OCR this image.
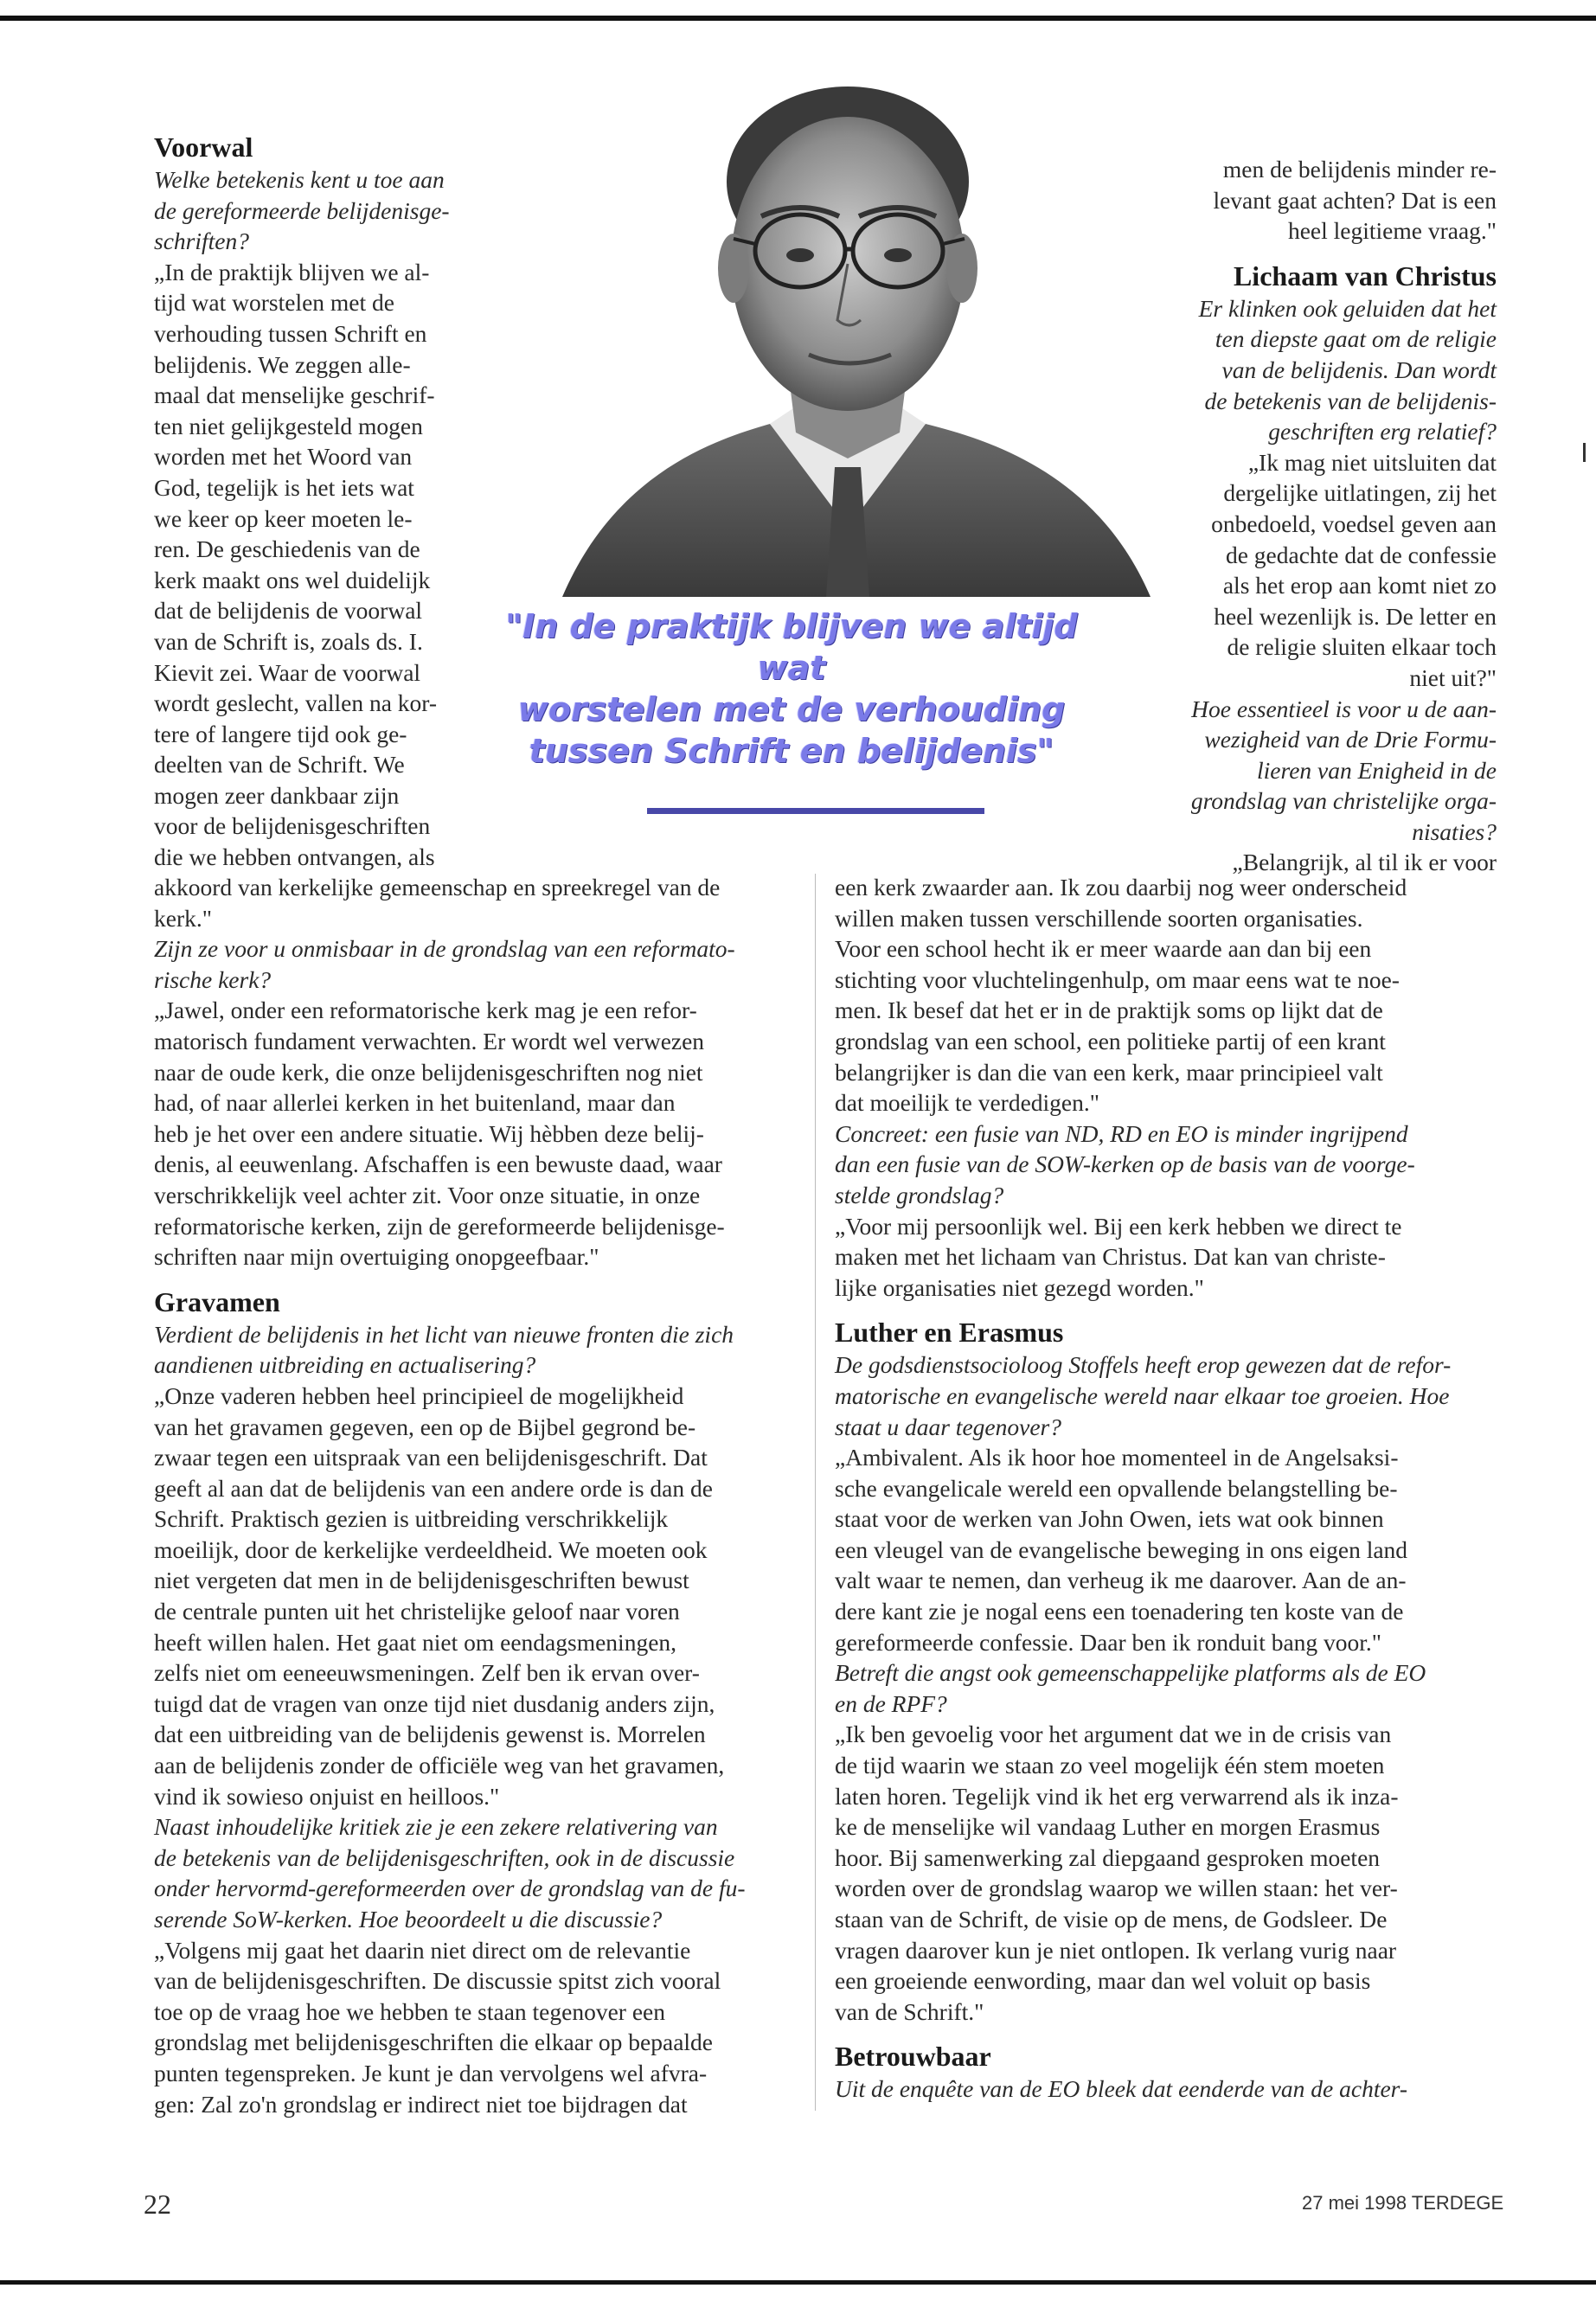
"In de praktijk blijven we altijd wat
worstelen met de verhouding
tussen Schrift en belijdenis"
Voorwal

Welke betekenis kent u toe aan
de gereformeerde belijdenisge-
schriften?

„In de praktijk blijven we al-
tijd wat worstelen met de
verhouding tussen Schrift en
belijdenis. We zeggen alle-
maal dat menselijke geschrif-
ten niet gelijkgesteld mogen
worden met het Woord van
God, tegelijk is het iets wat
we keer op keer moeten le-
ren. De geschiedenis van de
kerk maakt ons wel duidelijk
dat de belijdenis de voorwal
van de Schrift is, zoals ds. I.
Kievit zei. Waar de voorwal
wordt geslecht, vallen na kor-
tere of langere tijd ook ge-
deelten van de Schrift. We
mogen zeer dankbaar zijn
voor de belijdenisgeschriften
die we hebben ontvangen, als

men de belijdenis minder re-
levant gaat achten? Dat is een
heel legitieme vraag."

Lichaam van Christus

Er klinken ook geluiden dat het
ten diepste gaat om de religie
van de belijdenis. Dan wordt
de betekenis van de belijdenis-
geschriften erg relatief?

„Ik mag niet uitsluiten dat
dergelijke uitlatingen, zij het
onbedoeld, voedsel geven aan
de gedachte dat de confessie
als het erop aan komt niet zo
heel wezenlijk is. De letter en
de religie sluiten elkaar toch
niet uit?"

Hoe essentieel is voor u de aan-
wezigheid van de Drie Formu-
lieren van Enigheid in de
grondslag van christelijke orga-
nisaties?

„Belangrijk, al til ik er voor

akkoord van kerkelijke gemeenschap en spreekregel van de
kerk."

Zijn ze voor u onmisbaar in de grondslag van een reformato-
rische kerk?

„Jawel, onder een reformatorische kerk mag je een refor-
matorisch fundament verwachten. Er wordt wel verwezen
naar de oude kerk, die onze belijdenisgeschriften nog niet
had, of naar allerlei kerken in het buitenland, maar dan
heb je het over een andere situatie. Wij hèbben deze belij-
denis, al eeuwenlang. Afschaffen is een bewuste daad, waar
verschrikkelijk veel achter zit. Voor onze situatie, in onze
reformatorische kerken, zijn de gereformeerde belijdenisge-
schriften naar mijn overtuiging onopgeefbaar."

Gravamen

Verdient de belijdenis in het licht van nieuwe fronten die zich
aandienen uitbreiding en actualisering?

„Onze vaderen hebben heel principieel de mogelijkheid
van het gravamen gegeven, een op de Bijbel gegrond be-
zwaar tegen een uitspraak van een belijdenisgeschrift. Dat
geeft al aan dat de belijdenis van een andere orde is dan de
Schrift. Praktisch gezien is uitbreiding verschrikkelijk
moeilijk, door de kerkelijke verdeeldheid. We moeten ook
niet vergeten dat men in de belijdenisgeschriften bewust
de centrale punten uit het christelijke geloof naar voren
heeft willen halen. Het gaat niet om eendagsmeningen,
zelfs niet om eeneeuwsmeningen. Zelf ben ik ervan over-
tuigd dat de vragen van onze tijd niet dusdanig anders zijn,
dat een uitbreiding van de belijdenis gewenst is. Morrelen
aan de belijdenis zonder de officiële weg van het gravamen,
vind ik sowieso onjuist en heilloos."

Naast inhoudelijke kritiek zie je een zekere relativering van
de betekenis van de belijdenisgeschriften, ook in de discussie
onder hervormd-gereformeerden over de grondslag van de fu-
serende SoW-kerken. Hoe beoordeelt u die discussie?

„Volgens mij gaat het daarin niet direct om de relevantie
van de belijdenisgeschriften. De discussie spitst zich vooral
toe op de vraag hoe we hebben te staan tegenover een
grondslag met belijdenisgeschriften die elkaar op bepaalde
punten tegenspreken. Je kunt je dan vervolgens wel afvra-
gen: Zal zo'n grondslag er indirect niet toe bijdragen dat

een kerk zwaarder aan. Ik zou daarbij nog weer onderscheid
willen maken tussen verschillende soorten organisaties.
Voor een school hecht ik er meer waarde aan dan bij een
stichting voor vluchtelingenhulp, om maar eens wat te noe-
men. Ik besef dat het er in de praktijk soms op lijkt dat de
grondslag van een school, een politieke partij of een krant
belangrijker is dan die van een kerk, maar principieel valt
dat moeilijk te verdedigen."

Concreet: een fusie van ND, RD en EO is minder ingrijpend
dan een fusie van de SOW-kerken op de basis van de voorge-
stelde grondslag?

„Voor mij persoonlijk wel. Bij een kerk hebben we direct te
maken met het lichaam van Christus. Dat kan van christe-
lijke organisaties niet gezegd worden."

Luther en Erasmus

De godsdienstsocioloog Stoffels heeft erop gewezen dat de refor-
matorische en evangelische wereld naar elkaar toe groeien. Hoe
staat u daar tegenover?

„Ambivalent. Als ik hoor hoe momenteel in de Angelsaksi-
sche evangelicale wereld een opvallende belangstelling be-
staat voor de werken van John Owen, iets wat ook binnen
een vleugel van de evangelische beweging in ons eigen land
valt waar te nemen, dan verheug ik me daarover. Aan de an-
dere kant zie je nogal eens een toenadering ten koste van de
gereformeerde confessie. Daar ben ik ronduit bang voor."

Betreft die angst ook gemeenschappelijke platforms als de EO
en de RPF?

„Ik ben gevoelig voor het argument dat we in de crisis van
de tijd waarin we staan zo veel mogelijk één stem moeten
laten horen. Tegelijk vind ik het erg verwarrend als ik inza-
ke de menselijke wil vandaag Luther en morgen Erasmus
hoor. Bij samenwerking zal diepgaand gesproken moeten
worden over de grondslag waarop we willen staan: het ver-
staan van de Schrift, de visie op de mens, de Godsleer. De
vragen daarover kun je niet ontlopen. Ik verlang vurig naar
een groeiende eenwording, maar dan wel voluit op basis
van de Schrift."

Betrouwbaar

Uit de enquête van de EO bleek dat eenderde van de achter-

22	27 mei 1998 TERDEGE
